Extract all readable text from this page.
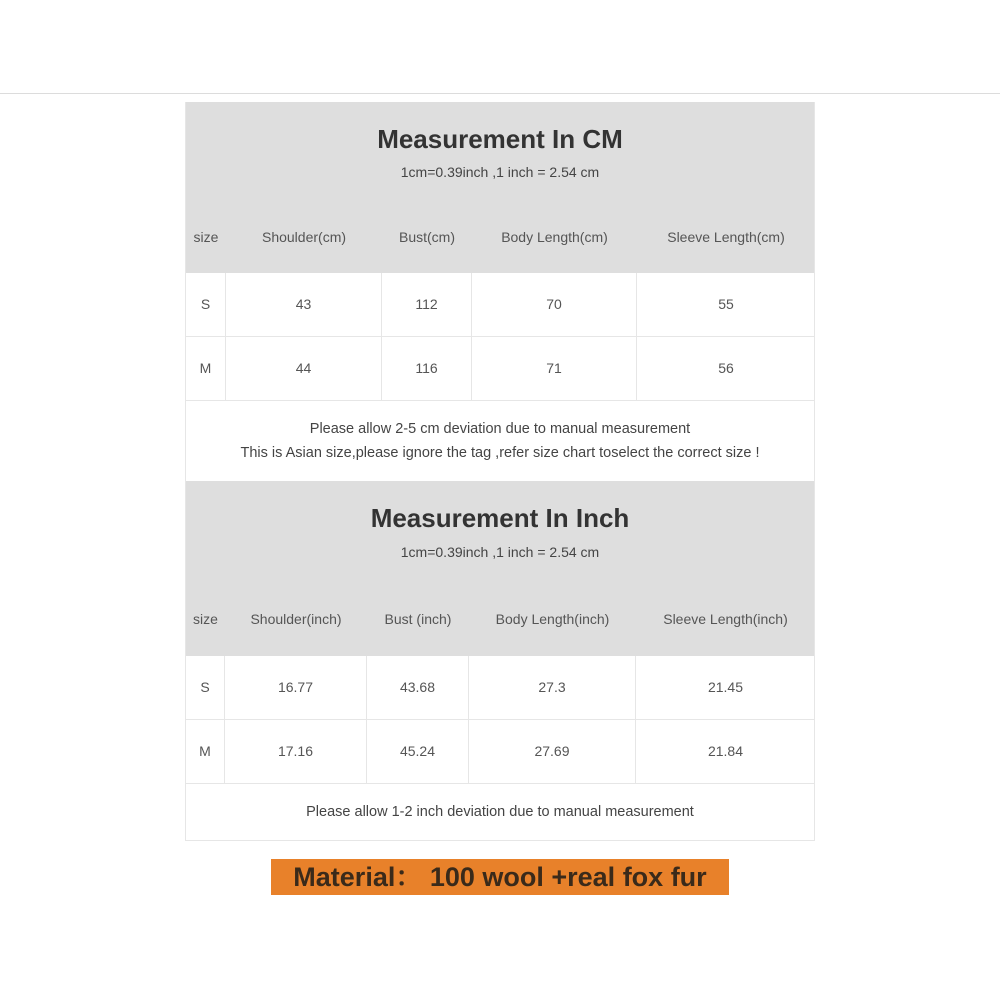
Measurement In CM
1cm=0.39inch ,1 inch = 2.54 cm
size	Shoulder(cm)	Bust(cm)	Body Length(cm)	Sleeve Length(cm)
S	43	112	70	55
M	44	116	71	56
Please allow 2-5 cm deviation due to manual measurement
This is Asian size,please ignore the tag ,refer size chart toselect the correct size !
Measurement In Inch
1cm=0.39inch ,1 inch = 2.54 cm
size	Shoulder(inch)	Bust (inch)	Body Length(inch)	Sleeve Length(inch)
S	16.77	43.68	27.3	21.45
M	17.16	45.24	27.69	21.84
Please allow 1-2 inch deviation due to manual measurement
Material： 100 wool +real fox fur
